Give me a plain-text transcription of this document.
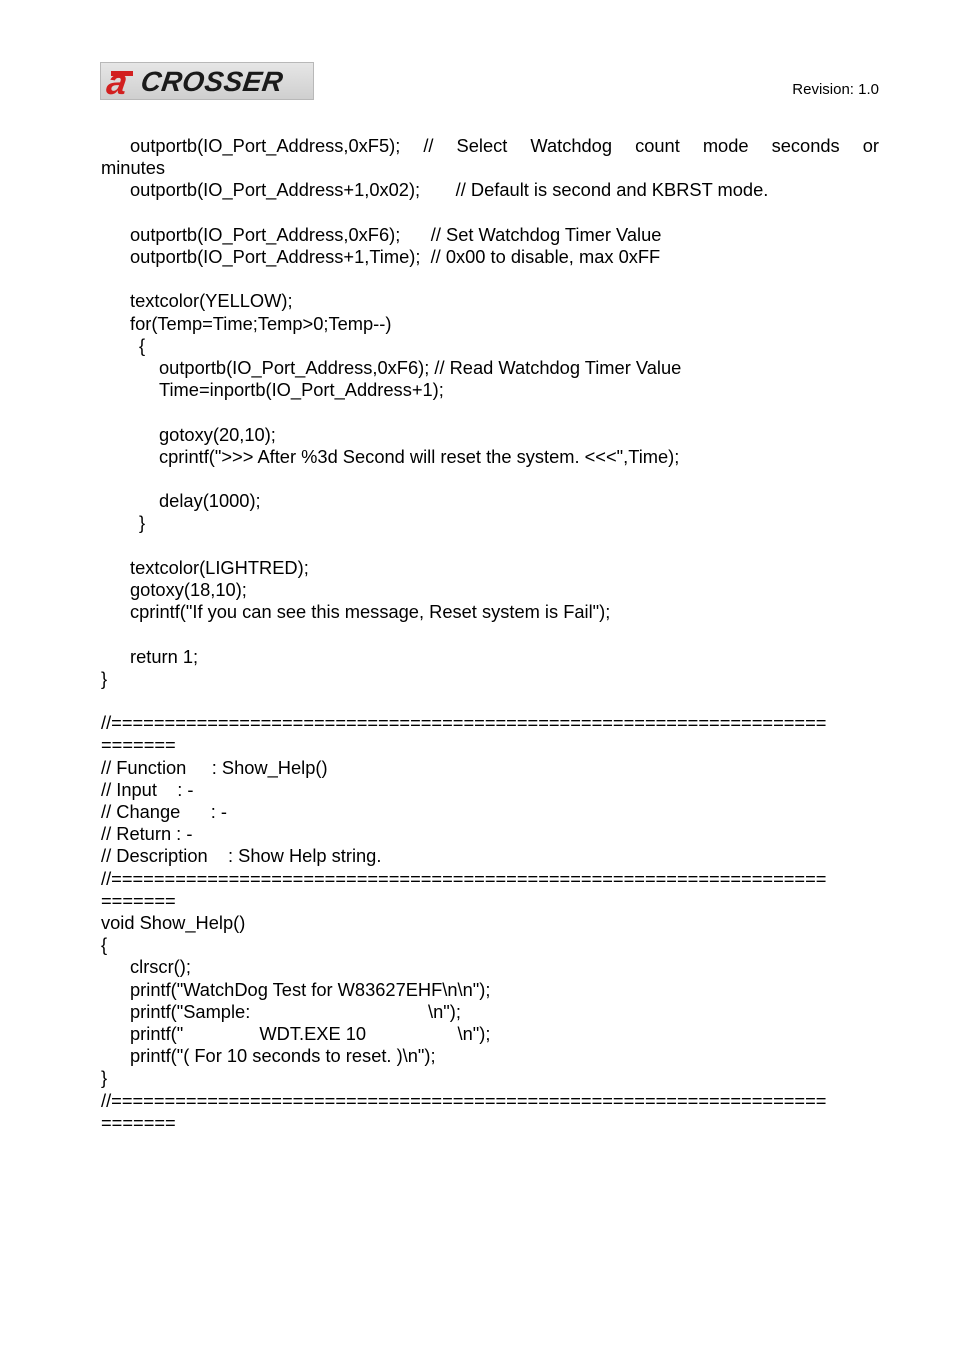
a CROSSER	Revision: 1.0
outportb(IO_Port_Address,0xF5); // Select Watchdog count mode seconds or
minutes
outportb(IO_Port_Address+1,0x02);       // Default is second and KBRST mode.
outportb(IO_Port_Address,0xF6);      // Set Watchdog Timer Value
outportb(IO_Port_Address+1,Time);  // 0x00 to disable, max 0xFF
textcolor(YELLOW);
for(Temp=Time;Temp>0;Temp--)
{
outportb(IO_Port_Address,0xF6); // Read Watchdog Timer Value
Time=inportb(IO_Port_Address+1);
gotoxy(20,10);
cprintf(">>> After %3d Second will reset the system. <<<",Time);
delay(1000);
}
textcolor(LIGHTRED);
gotoxy(18,10);
cprintf("If you can see this message, Reset system is Fail");
return 1;
}
//===================================================================
=======
// Function     : Show_Help()
// Input    : -
// Change      : -
// Return : -
// Description    : Show Help string.
//===================================================================
=======
void Show_Help()
{
clrscr();
printf("WatchDog Test for W83627EHF\n\n");
printf("Sample:                                   \n");
printf("               WDT.EXE 10                  \n");
printf("( For 10 seconds to reset. )\n");
}
//===================================================================
=======
